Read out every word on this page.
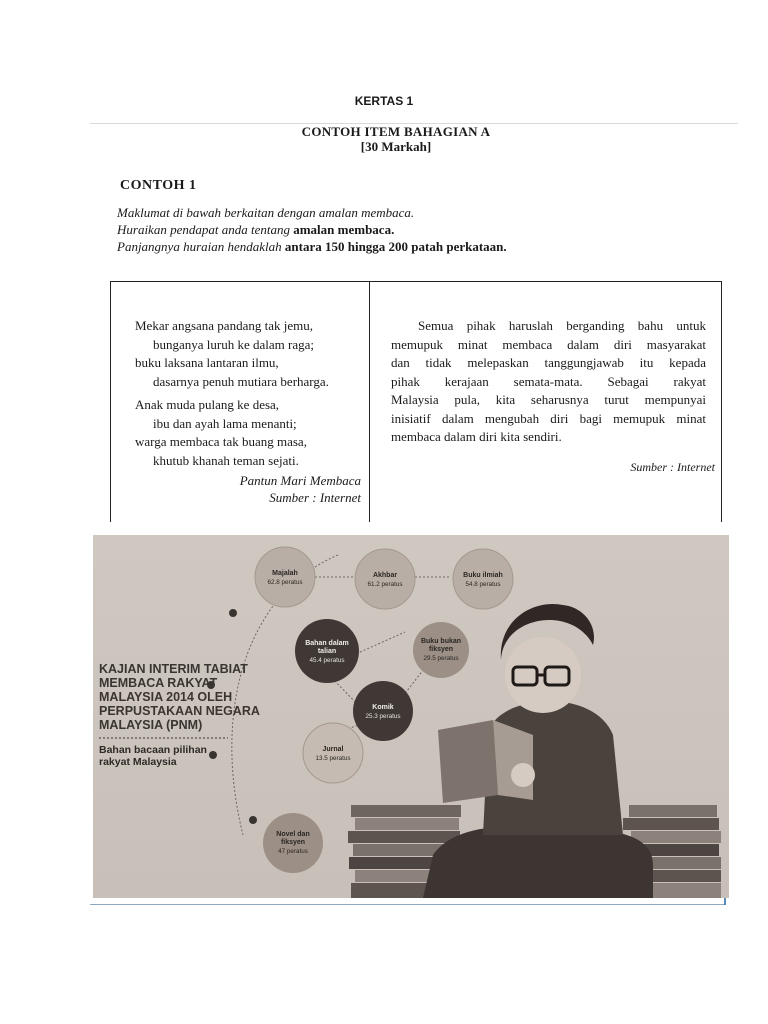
KERTAS 1
CONTOH ITEM BAHAGIAN A
[30 Markah]
CONTOH 1
Maklumat di bawah berkaitan dengan amalan membaca.
Huraikan pendapat anda tentang amalan membaca.
Panjangnya huraian hendaklah antara 150 hingga 200 patah perkataan.
Mekar angsana pandang tak jemu,
bunganya luruh ke dalam raga;
buku laksana lantaran ilmu,
dasarnya penuh mutiara berharga.
Anak muda pulang ke desa,
ibu dan ayah lama menanti;
warga membaca tak buang masa,
khutub khanah teman sejati.
Pantun Mari Membaca
Sumber : Internet
Semua pihak haruslah berganding bahu untuk
memupuk minat membaca dalam diri masyarakat
dan tidak melepaskan tanggungjawab itu kepada
pihak kerajaan semata-mata. Sebagai rakyat
Malaysia pula, kita seharusnya turut mempunyai
inisiatif dalam mengubah diri bagi memupuk minat
membaca dalam diri kita sendiri.
Sumber : Internet
Majalah
62.8 peratus
Akhbar
61.2 peratus
Buku ilmiah
54.8 peratus
Bahan dalam
talian
45.4 peratus
Buku bukan
fiksyen
29.5 peratus
Komik
25.3 peratus
Jurnal
13.5 peratus
Novel dan
fiksyen
47 peratus
KAJIAN INTERIM TABIAT
MEMBACA RAKYAT
MALAYSIA 2014 OLEH
PERPUSTAKAAN NEGARA
MALAYSIA (PNM)
Bahan bacaan pilihan
rakyat Malaysia
